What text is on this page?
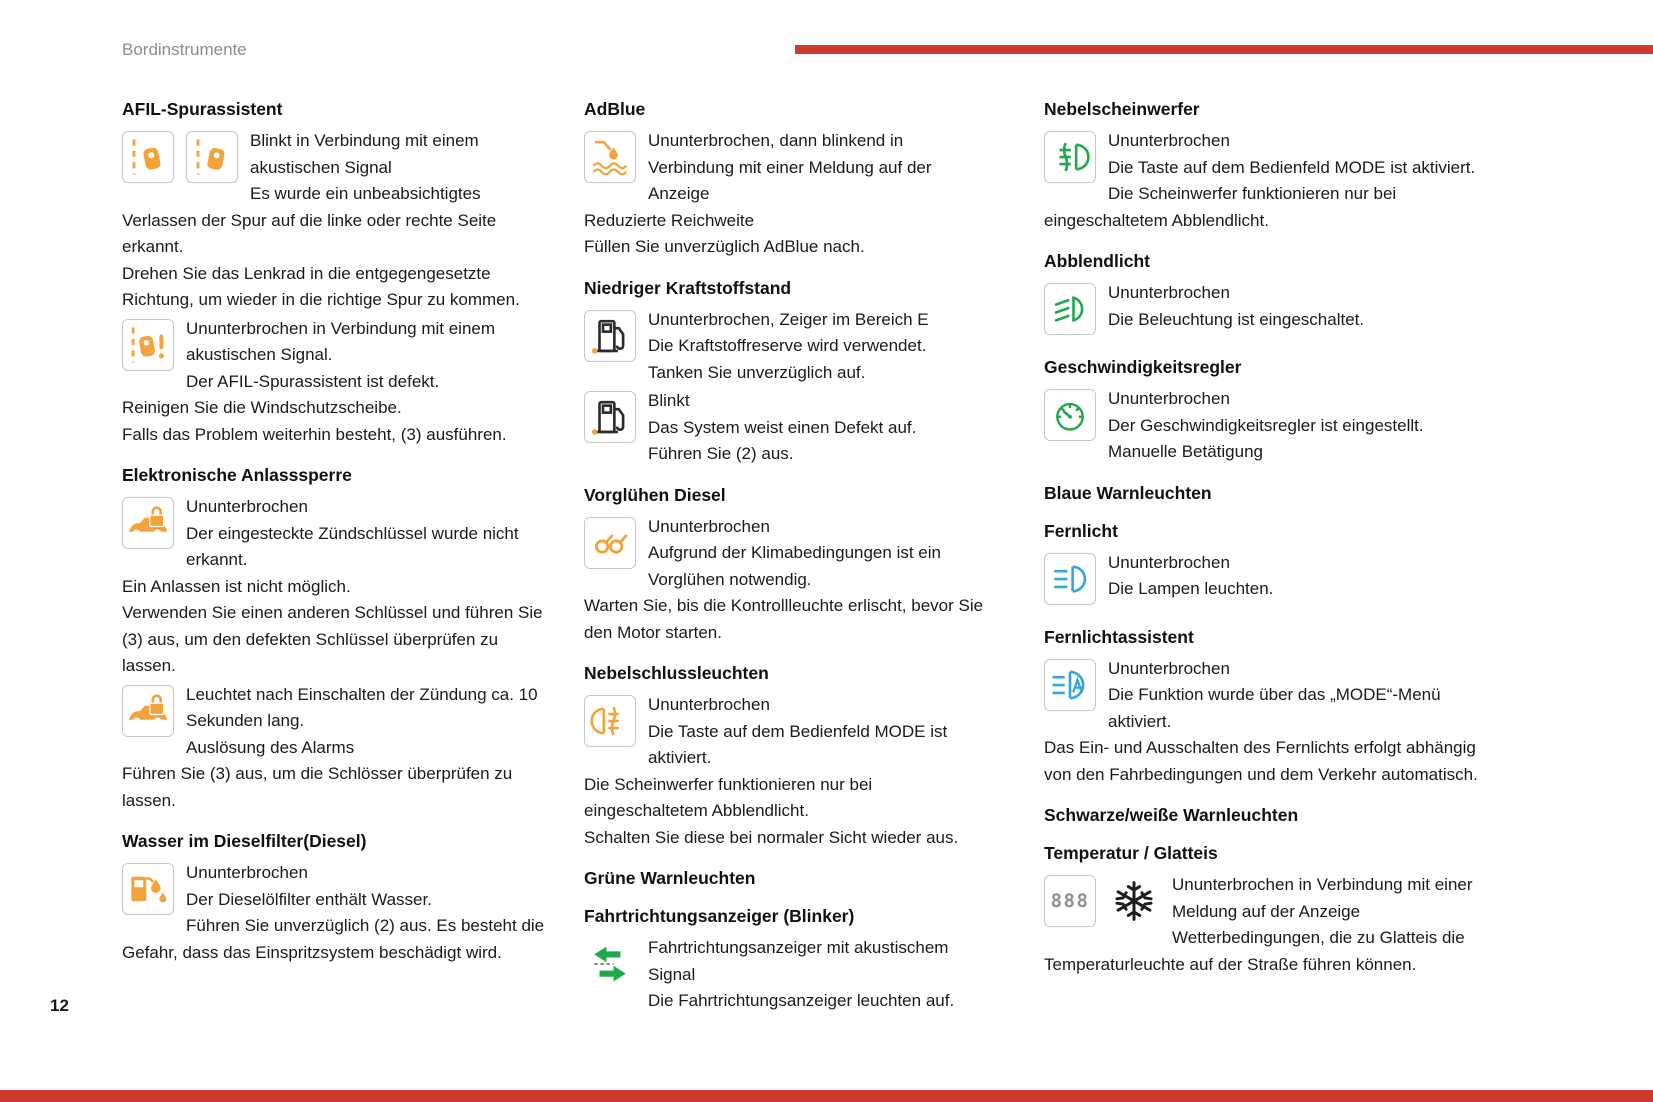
Bordinstrumente
AFIL-Spurassistent

Blinkt in Verbindung mit einem akustischen Signal

Es wurde ein unbeabsichtigtes Verlassen der Spur auf die linke oder rechte Seite erkannt.

Drehen Sie das Lenkrad in die entgegengesetzte Richtung, um wieder in die richtige Spur zu kommen.

Ununterbrochen in Verbindung mit einem akustischen Signal.

Der AFIL-Spurassistent ist defekt.

Reinigen Sie die Windschutzscheibe.

Falls das Problem weiterhin besteht, (3) ausführen.

Elektronische Anlasssperre

Ununterbrochen

Der eingesteckte Zündschlüssel wurde nicht erkannt.

Ein Anlassen ist nicht möglich.

Verwenden Sie einen anderen Schlüssel und führen Sie (3) aus, um den defekten Schlüssel überprüfen zu lassen.

Leuchtet nach Einschalten der Zündung ca. 10 Sekunden lang.

Auslösung des Alarms

Führen Sie (3) aus, um die Schlösser überprüfen zu lassen.

Wasser im Dieselfilter(Diesel)

Ununterbrochen

Der Dieselölfilter enthält Wasser.

Führen Sie unverzüglich (2) aus. Es besteht die Gefahr, dass das Einspritzsystem beschädigt wird.

AdBlue

Ununterbrochen, dann blinkend in Verbindung mit einer Meldung auf der Anzeige

Reduzierte Reichweite

Füllen Sie unverzüglich AdBlue nach.

Niedriger Kraftstoffstand

Ununterbrochen, Zeiger im Bereich E

Die Kraftstoffreserve wird verwendet.

Tanken Sie unverzüglich auf.

Blinkt

Das System weist einen Defekt auf.

Führen Sie (2) aus.

Vorglühen Diesel

Ununterbrochen

Aufgrund der Klimabedingungen ist ein Vorglühen notwendig.

Warten Sie, bis die Kontrollleuchte erlischt, bevor Sie den Motor starten.

Nebelschlussleuchten

Ununterbrochen

Die Taste auf dem Bedienfeld MODE ist aktiviert.

Die Scheinwerfer funktionieren nur bei eingeschaltetem Abblendlicht.

Schalten Sie diese bei normaler Sicht wieder aus.

Grüne Warnleuchten
Fahrtrichtungsanzeiger (Blinker)

Fahrtrichtungsanzeiger mit akustischem Signal

Die Fahrtrichtungsanzeiger leuchten auf.

Nebelscheinwerfer

Ununterbrochen

Die Taste auf dem Bedienfeld MODE ist aktiviert.

Die Scheinwerfer funktionieren nur bei eingeschaltetem Abblendlicht.

Abblendlicht

Ununterbrochen

Die Beleuchtung ist eingeschaltet.

Geschwindigkeitsregler

Ununterbrochen

Der Geschwindigkeitsregler ist eingestellt.

Manuelle Betätigung

Blaue Warnleuchten
Fernlicht

Ununterbrochen

Die Lampen leuchten.

Fernlichtassistent

Ununterbrochen

Die Funktion wurde über das „MODE“-Menü aktiviert.

Das Ein- und Ausschalten des Fernlichts erfolgt abhängig von den Fahrbedingungen und dem Verkehr automatisch.

Schwarze/weiße Warnleuchten
Temperatur / Glatteis
888

Ununterbrochen in Verbindung mit einer Meldung auf der Anzeige

Wetterbedingungen, die zu Glatteis die Temperaturleuchte auf der Straße führen können.

12
